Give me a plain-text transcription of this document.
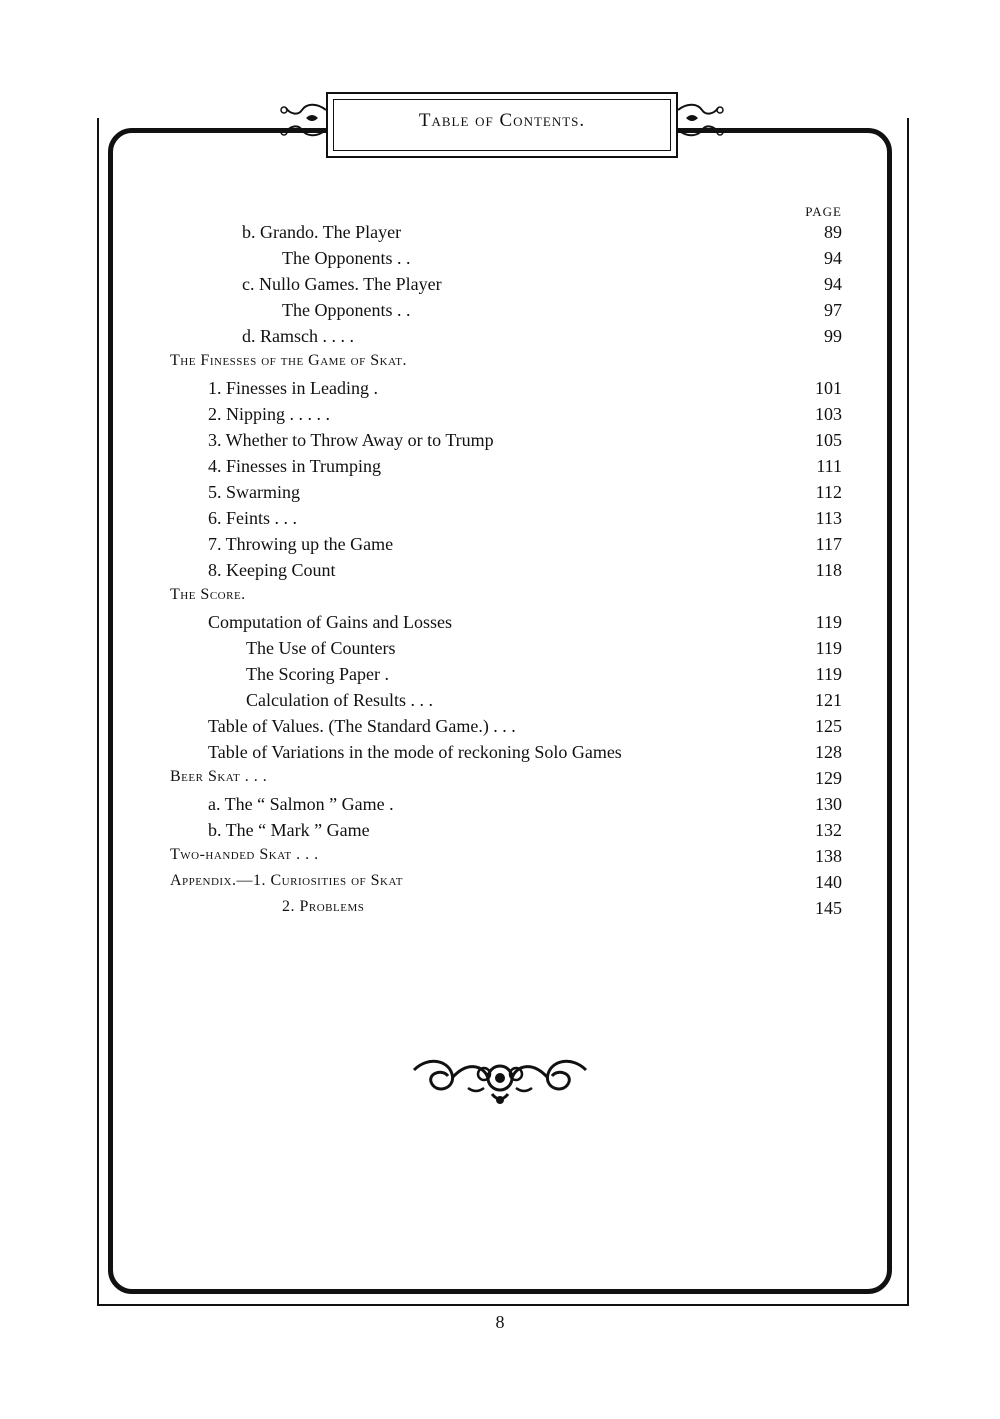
Table of Contents.
PAGE
b. Grando. The Player	89
The Opponents . .	94
c. Nullo Games. The Player	94
The Opponents . .	97
d. Ramsch . . . .	99
The Finesses of the Game of Skat.
1. Finesses in Leading .	101
2. Nipping . . . . .	103
3. Whether to Throw Away or to Trump	105
4. Finesses in Trumping	111
5. Swarming	112
6. Feints . . .	113
7. Throwing up the Game	117
8. Keeping Count	118
The Score.
Computation of Gains and Losses	119
The Use of Counters	119
The Scoring Paper .	119
Calculation of Results . . .	121
Table of Values. (The Standard Game.) . . .	125
Table of Variations in the mode of reckoning Solo Games	128
Beer Skat . . .	129
a. The “ Salmon ” Game .	130
b. The “ Mark ” Game	132
Two-handed Skat . . .	138
Appendix.—1. Curiosities of Skat	140
2. Problems	145
8
